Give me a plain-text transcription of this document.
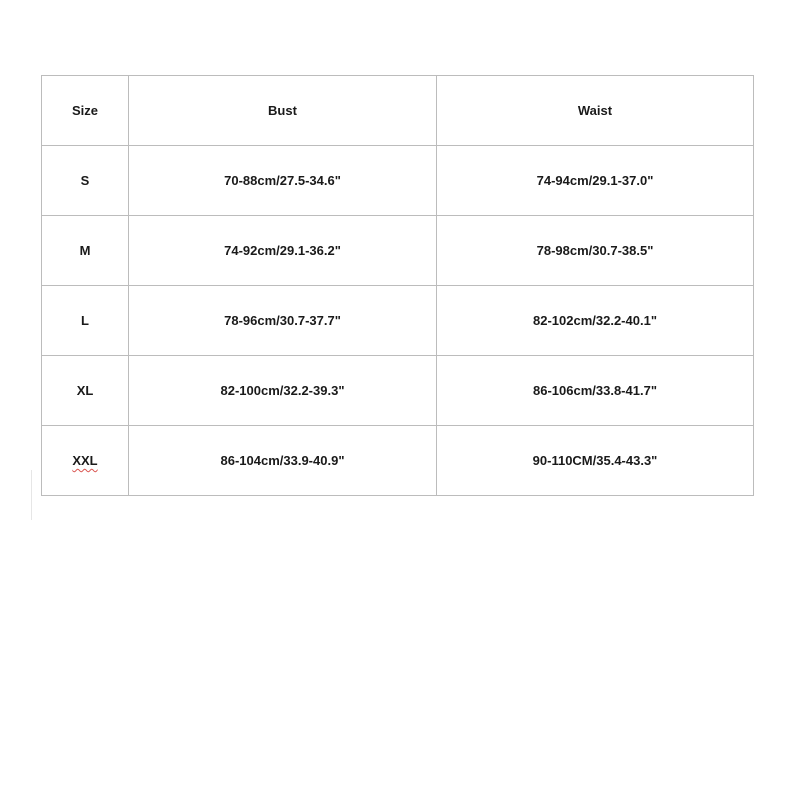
Size	Bust	Waist
S	70-88cm/27.5-34.6"	74-94cm/29.1-37.0"
M	74-92cm/29.1-36.2"	78-98cm/30.7-38.5"
L	78-96cm/30.7-37.7"	82-102cm/32.2-40.1"
XL	82-100cm/32.2-39.3"	86-106cm/33.8-41.7"
XXL	86-104cm/33.9-40.9"	90-110CM/35.4-43.3"
